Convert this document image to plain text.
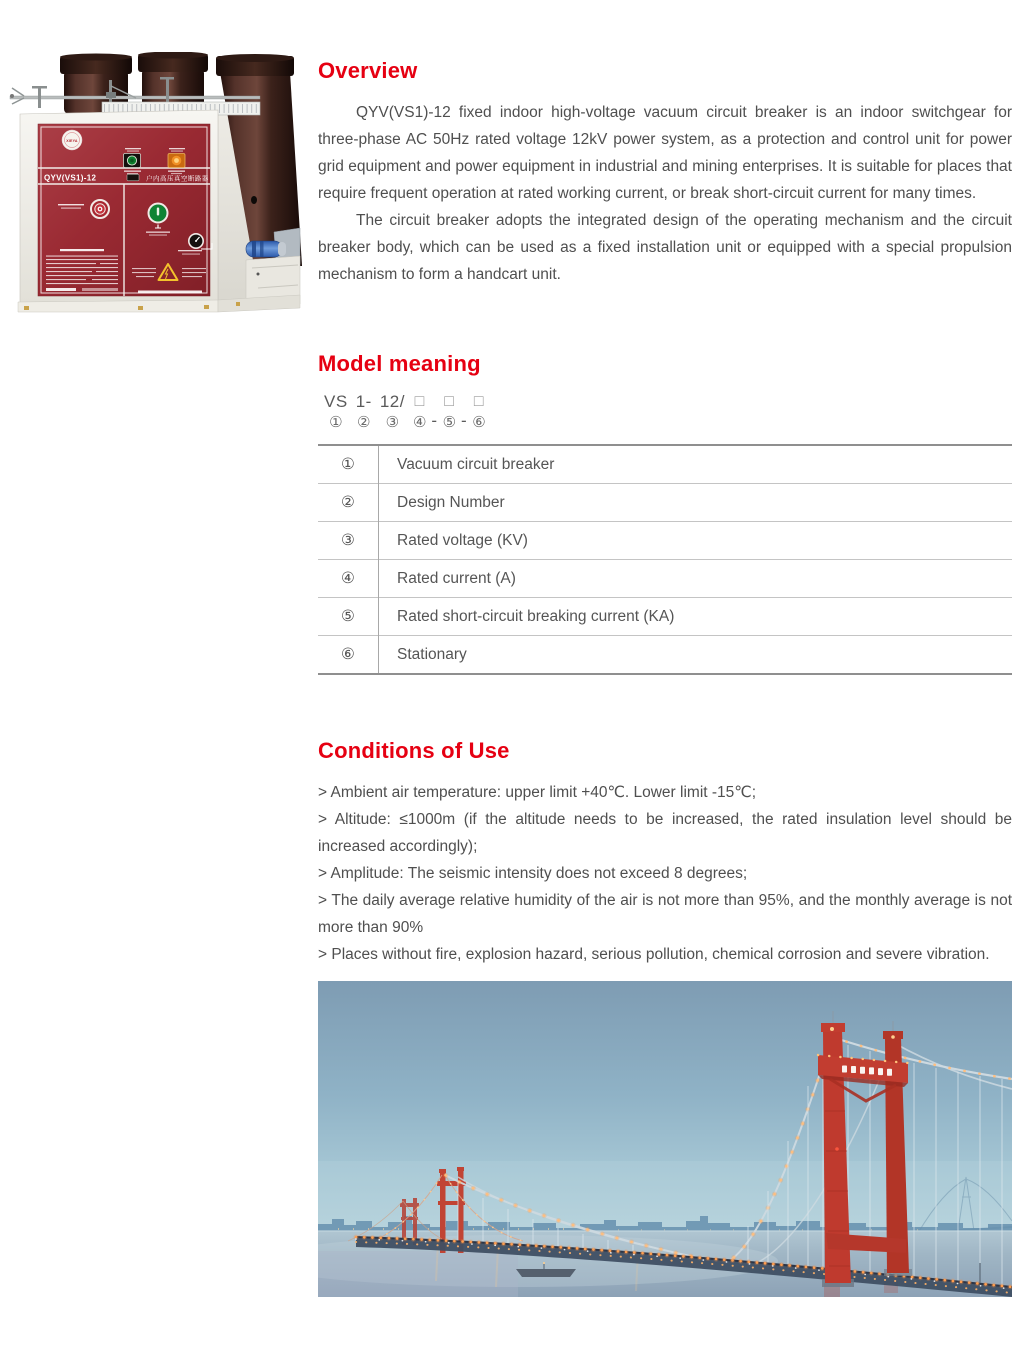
XIEYA
QYV(VS1)-12	户内高压真空断路器
Overview

QYV(VS1)-12 fixed indoor high-voltage vacuum circuit breaker is an indoor switchgear for three-phase AC 50Hz rated voltage 12kV power system, as a protection and control unit for power grid equipment and power equipment in industrial and mining enterprises. It is suitable for places that require frequent operation at rated working current, or break short-circuit current for many times.

The circuit breaker adopts the integrated design of the operating mechanism and the circuit breaker body, which can be used as a fixed installation unit or equipped with a special propulsion mechanism to form a handcart unit.

Model meaning
VS
①
1-
②
12/
③
□
④ -
□
⑤ -
□
⑥
①	Vacuum circuit breaker
②	Design Number
③	Rated voltage (KV)
④	Rated current (A)
⑤	Rated short-circuit breaking current (KA)
⑥	Stationary
Conditions of Use

> Ambient air temperature: upper limit +40℃. Lower limit -15℃;

> Altitude: ≤1000m (if the altitude needs to be increased, the rated insulation level should be increased accordingly);

> Amplitude: The seismic intensity does not exceed 8 degrees;

> The daily average relative humidity of the air is not more than 95%, and the monthly average is not more than 90%

> Places without fire, explosion hazard, serious pollution, chemical corrosion and severe vibration.
